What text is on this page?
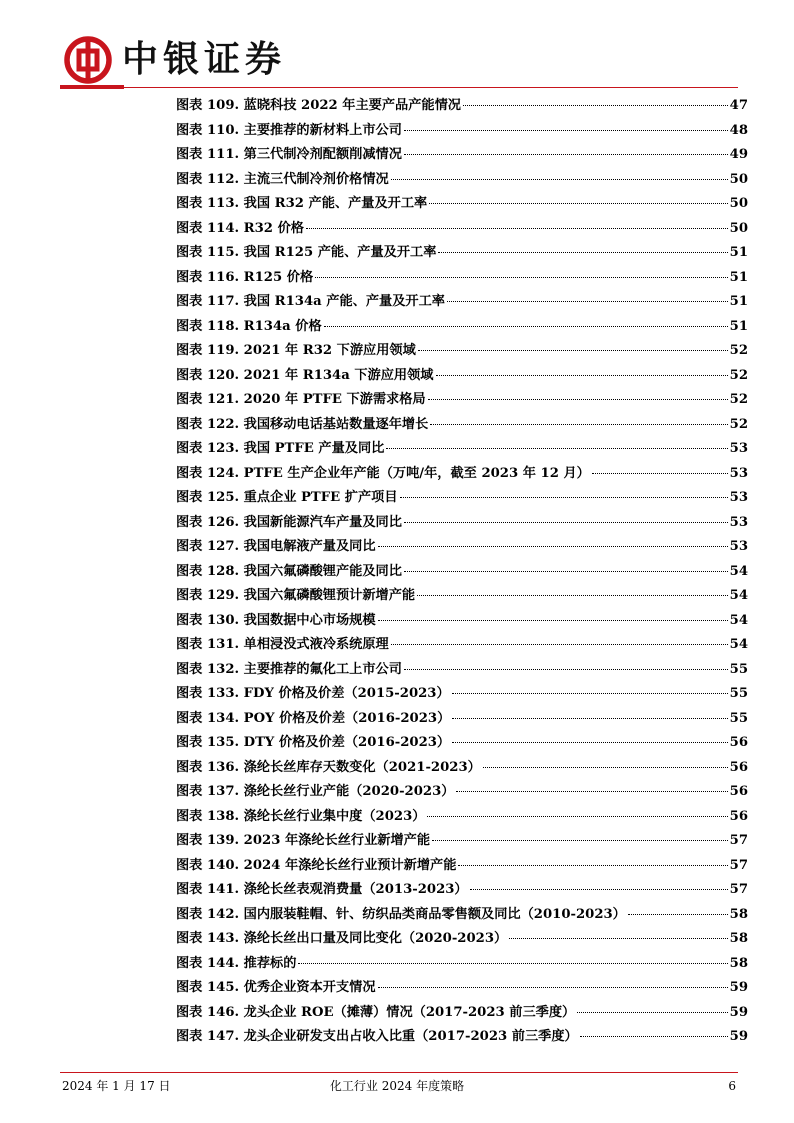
中银证券
图表 109. 蓝晓科技 2022 年主要产品产能情况	47
图表 110. 主要推荐的新材料上市公司	48
图表 111. 第三代制冷剂配额削减情况	49
图表 112. 主流三代制冷剂价格情况	50
图表 113. 我国 R32 产能、产量及开工率	50
图表 114. R32 价格	50
图表 115. 我国 R125 产能、产量及开工率	51
图表 116. R125 价格	51
图表 117. 我国 R134a 产能、产量及开工率	51
图表 118. R134a 价格	51
图表 119. 2021 年 R32 下游应用领域	52
图表 120. 2021 年 R134a 下游应用领域	52
图表 121. 2020 年 PTFE 下游需求格局	52
图表 122. 我国移动电话基站数量逐年增长	52
图表 123. 我国 PTFE 产量及同比	53
图表 124. PTFE 生产企业年产能（万吨/年，截至 2023 年 12 月）	53
图表 125. 重点企业 PTFE 扩产项目	53
图表 126. 我国新能源汽车产量及同比	53
图表 127. 我国电解液产量及同比	53
图表 128. 我国六氟磷酸锂产能及同比	54
图表 129. 我国六氟磷酸锂预计新增产能	54
图表 130. 我国数据中心市场规模	54
图表 131. 单相浸没式液冷系统原理	54
图表 132. 主要推荐的氟化工上市公司	55
图表 133. FDY 价格及价差（2015-2023）	55
图表 134. POY 价格及价差（2016-2023）	55
图表 135. DTY 价格及价差（2016-2023）	56
图表 136. 涤纶长丝库存天数变化（2021-2023）	56
图表 137. 涤纶长丝行业产能（2020-2023）	56
图表 138. 涤纶长丝行业集中度（2023）	56
图表 139. 2023 年涤纶长丝行业新增产能	57
图表 140. 2024 年涤纶长丝行业预计新增产能	57
图表 141. 涤纶长丝表观消费量（2013-2023）	57
图表 142. 国内服装鞋帽、针、纺织品类商品零售额及同比（2010-2023）	58
图表 143. 涤纶长丝出口量及同比变化（2020-2023）	58
图表 144. 推荐标的	58
图表 145. 优秀企业资本开支情况	59
图表 146. 龙头企业 ROE（摊薄）情况（2017-2023 前三季度）	59
图表 147. 龙头企业研发支出占收入比重（2017-2023 前三季度）	59
2024 年 1 月 17 日	化工行业 2024 年度策略	6
